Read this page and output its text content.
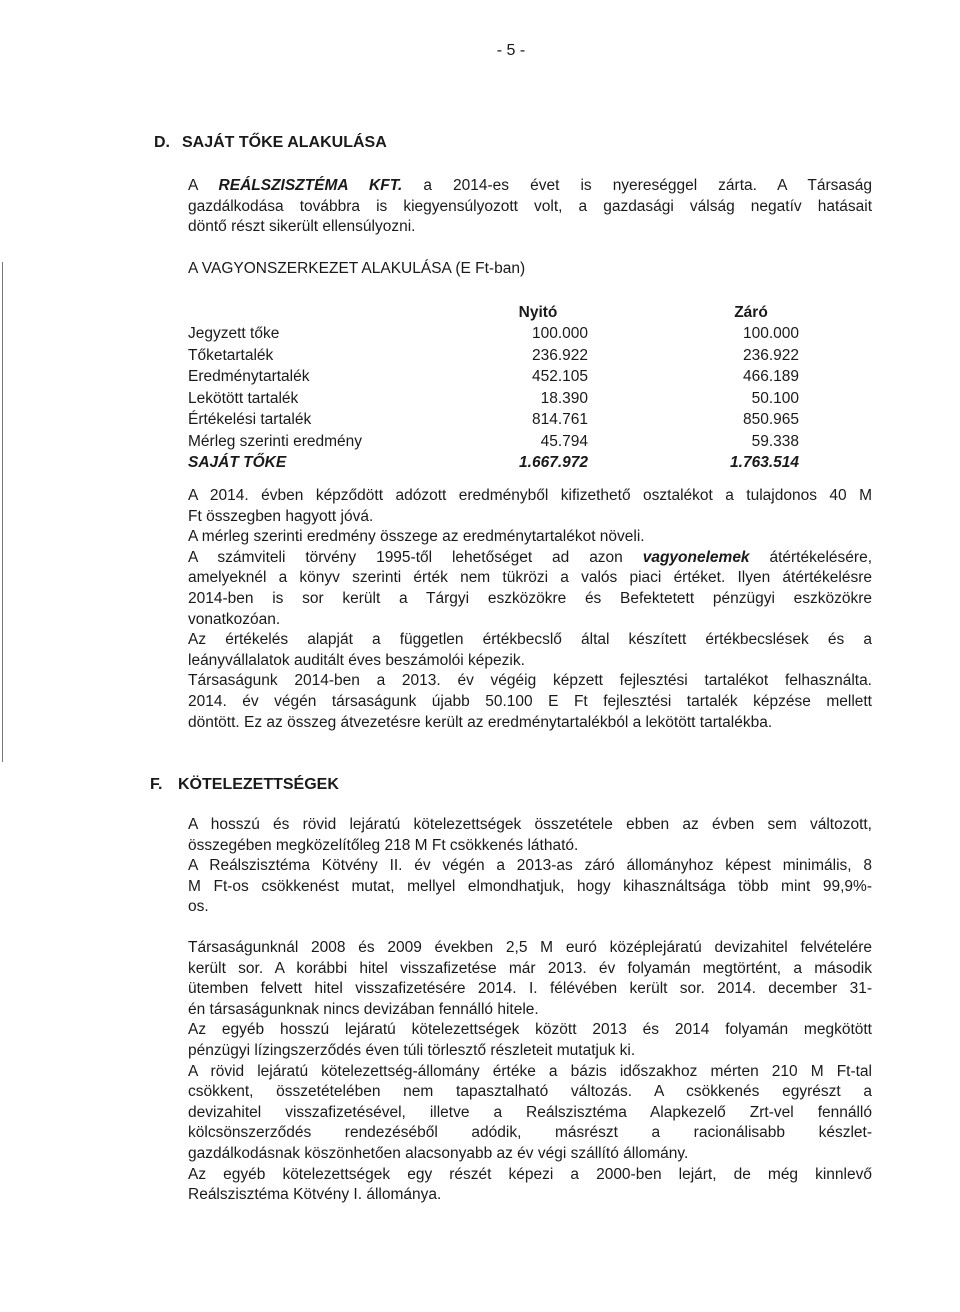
- 5 -
D. SAJÁT TŐKE ALAKULÁSA

A REÁLSZISZTÉMA KFT. a 2014-es évet is nyereséggel zárta. A Társaság
gazdálkodása továbbra is kiegyensúlyozott volt, a gazdasági válság negatív hatásait
döntő részt sikerült ellensúlyozni.

A VAGYONSZERKEZET ALAKULÁSA (E Ft-ban)

	Nyitó		Záró
Jegyzett tőke	100.000		100.000
Tőketartalék	236.922		236.922
Eredménytartalék	452.105		466.189
Lekötött tartalék	18.390		50.100
Értékelési tartalék	814.761		850.965
Mérleg szerinti eredmény	45.794		59.338
SAJÁT TŐKE	1.667.972		1.763.514
A 2014. évben képződött adózott eredményből kifizethető osztalékot a tulajdonos 40 M
Ft összegben hagyott jóvá.
A mérleg szerinti eredmény összege az eredménytartalékot növeli.
A számviteli törvény 1995-től lehetőséget ad azon vagyonelemek átértékelésére,
amelyeknél a könyv szerinti érték nem tükrözi a valós piaci értéket. Ilyen átértékelésre
2014-ben is sor került a Tárgyi eszközökre és Befektetett pénzügyi eszközökre
vonatkozóan.
Az értékelés alapját a független értékbecslő által készített értékbecslések és a
leányvállalatok auditált éves beszámolói képezik.
Társaságunk 2014-ben a 2013. év végéig képzett fejlesztési tartalékot felhasználta.
2014. év végén társaságunk újabb 50.100 E Ft fejlesztési tartalék képzése mellett
döntött. Ez az összeg átvezetésre került az eredménytartalékból a lekötött tartalékba.
F. KÖTELEZETTSÉGEK
A hosszú és rövid lejáratú kötelezettségek összetétele ebben az évben sem változott,
összegében megközelítőleg 218 M Ft csökkenés látható.
A Reálszisztéma Kötvény II. év végén a 2013-as záró állományhoz képest minimális, 8
M Ft-os csökkenést mutat, mellyel elmondhatjuk, hogy kihasználtsága több mint 99,9%-
os.
Társaságunknál 2008 és 2009 években 2,5 M euró középlejáratú devizahitel felvételére
került sor. A korábbi hitel visszafizetése már 2013. év folyamán megtörtént, a második
ütemben felvett hitel visszafizetésére 2014. I. félévében került sor. 2014. december 31-
én társaságunknak nincs devizában fennálló hitele.
Az egyéb hosszú lejáratú kötelezettségek között 2013 és 2014 folyamán megkötött
pénzügyi lízingszerződés éven túli törlesztő részleteit mutatjuk ki.
A rövid lejáratú kötelezettség-állomány értéke a bázis időszakhoz mérten 210 M Ft-tal
csökkent, összetételében nem tapasztalható változás. A csökkenés egyrészt a
devizahitel visszafizetésével, illetve a Reálszisztéma Alapkezelő Zrt-vel fennálló
kölcsönszerződés rendezéséből adódik, másrészt a racionálisabb készlet-
gazdálkodásnak köszönhetően alacsonyabb az év végi szállító állomány.
Az egyéb kötelezettségek egy részét képezi a 2000-ben lejárt, de még kinnlevő
Reálszisztéma Kötvény I. állományа.
